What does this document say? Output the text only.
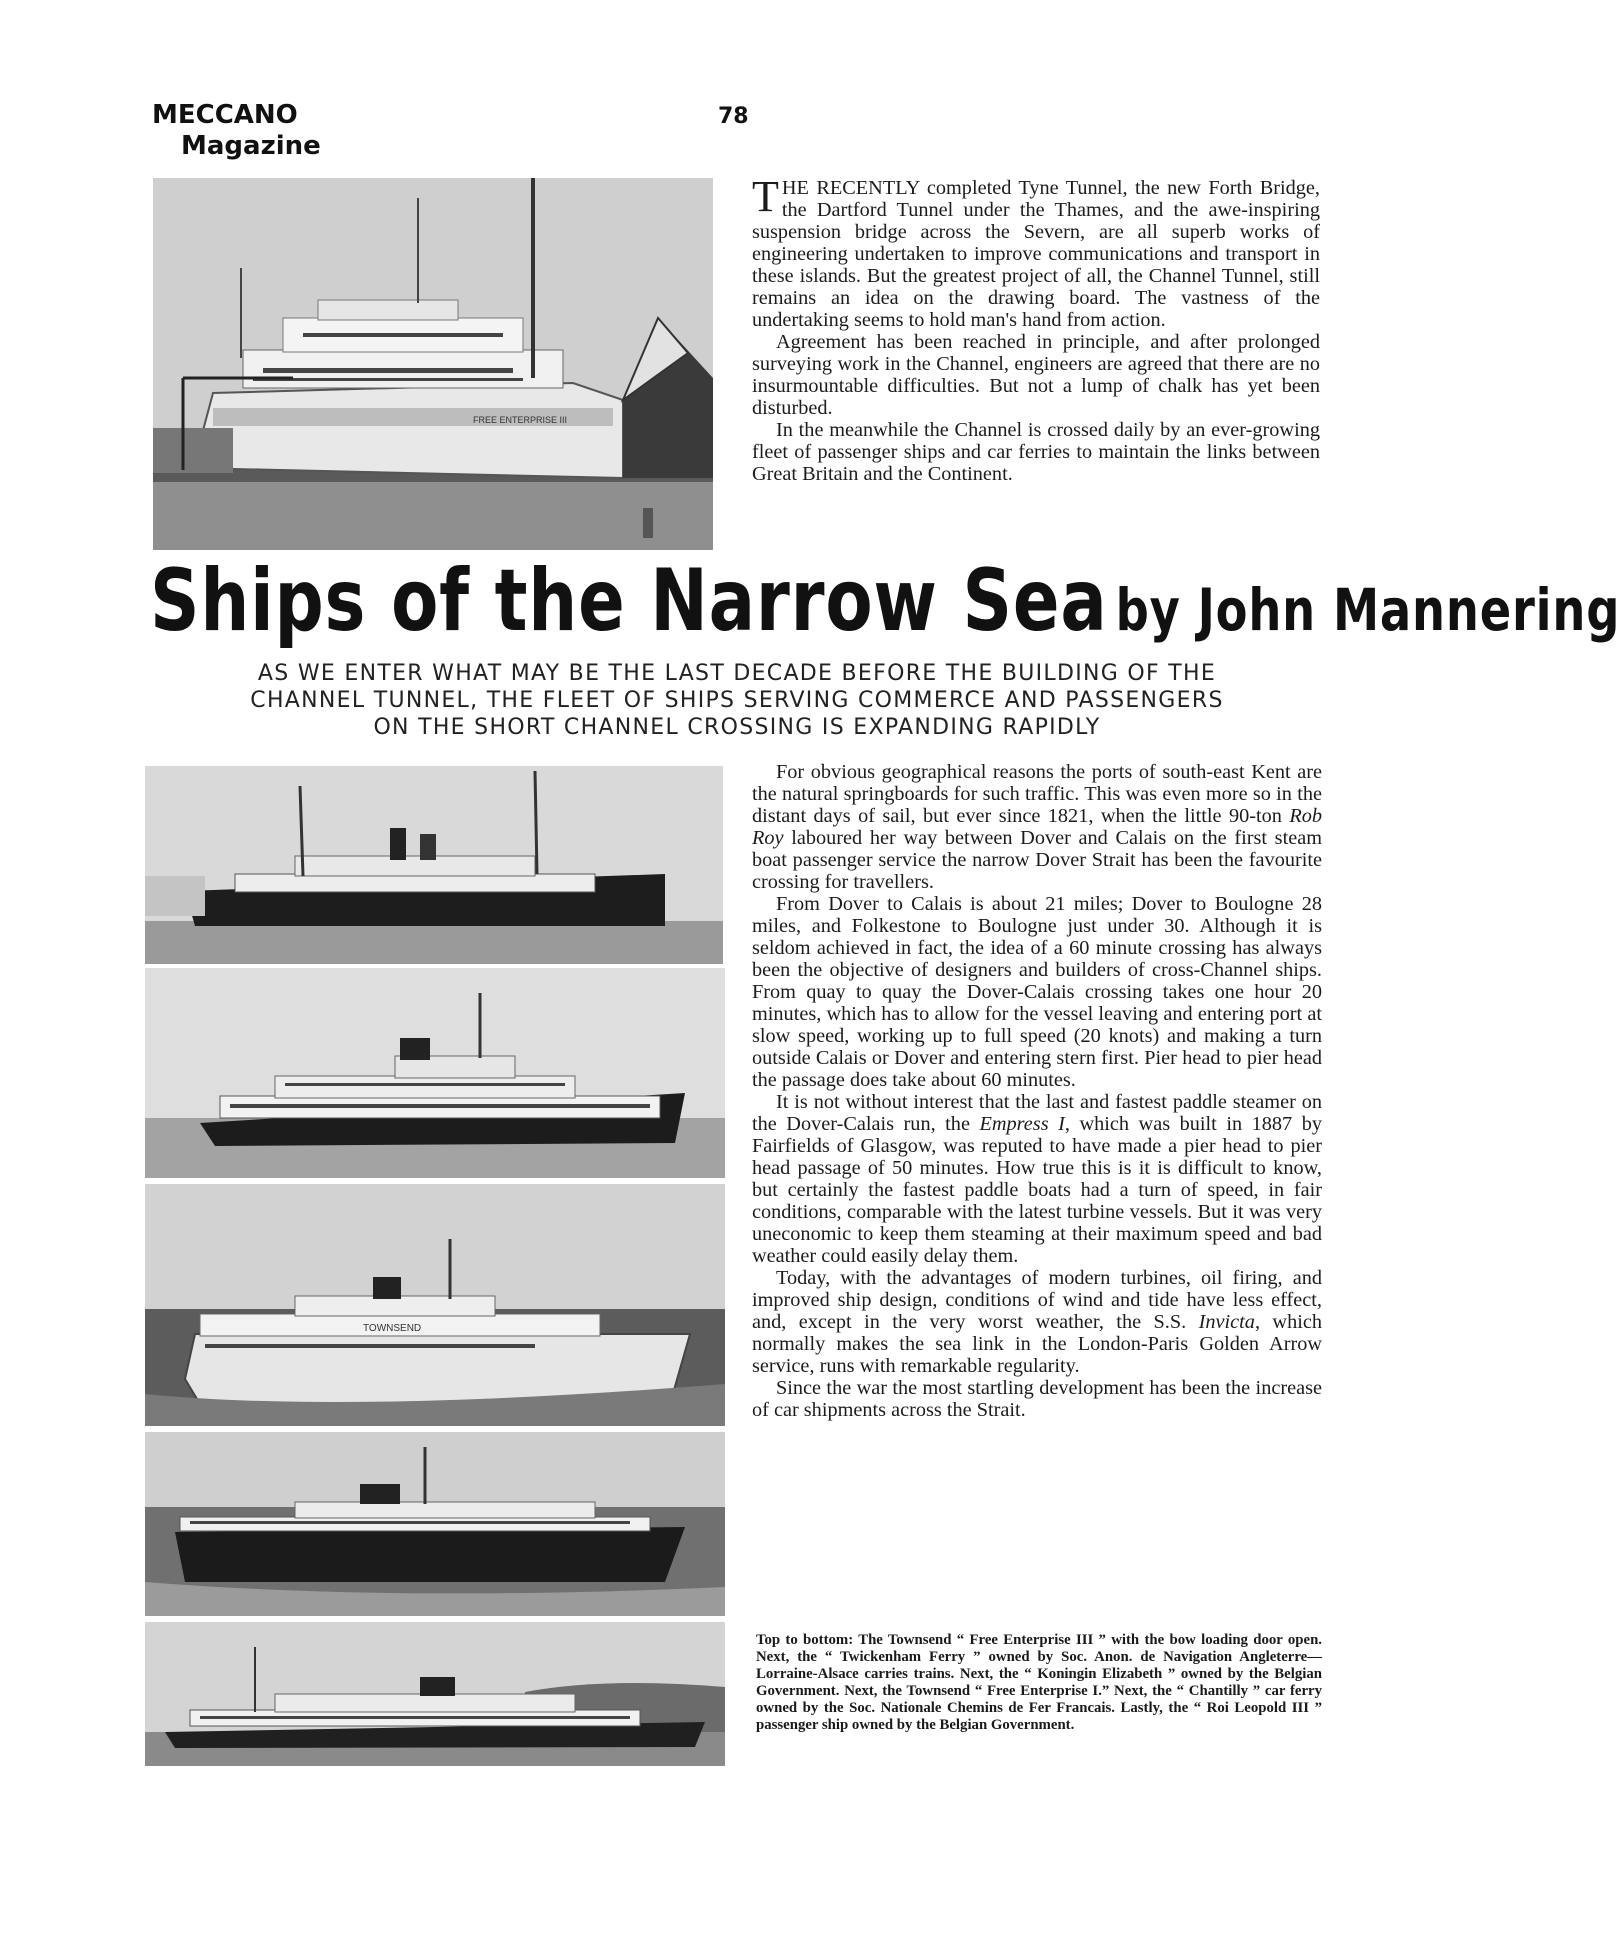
MECCANO

Magazine
78
FREE ENTERPRISE III

THE RECENTLY completed Tyne Tunnel, the new Forth Bridge, the Dartford Tunnel under the Thames, and the awe-inspiring suspension bridge across the Severn, are all superb works of engineering undertaken to improve communications and transport in these islands. But the greatest project of all, the Channel Tunnel, still remains an idea on the drawing board. The vastness of the undertaking seems to hold man's hand from action.

Agreement has been reached in principle, and after prolonged surveying work in the Channel, engineers are agreed that there are no insurmountable difficulties. But not a lump of chalk has yet been disturbed.

In the meanwhile the Channel is crossed daily by an ever-growing fleet of passenger ships and car ferries to maintain the links between Great Britain and the Continent.

Ships of the Narrow Sea by John Mannering
AS WE ENTER WHAT MAY BE THE LAST DECADE BEFORE THE BUILDING OF THE CHANNEL TUNNEL, THE FLEET OF SHIPS SERVING COMMERCE AND PASSENGERS ON THE SHORT CHANNEL CROSSING IS EXPANDING RAPIDLY
TOWNSEND

For obvious geographical reasons the ports of south-east Kent are the natural springboards for such traffic. This was even more so in the distant days of sail, but ever since 1821, when the little 90-ton Rob Roy laboured her way between Dover and Calais on the first steam boat passenger service the narrow Dover Strait has been the favourite crossing for travellers.

From Dover to Calais is about 21 miles; Dover to Boulogne 28 miles, and Folkestone to Boulogne just under 30. Although it is seldom achieved in fact, the idea of a 60 minute crossing has always been the objective of designers and builders of cross-Channel ships. From quay to quay the Dover-Calais crossing takes one hour 20 minutes, which has to allow for the vessel leaving and entering port at slow speed, working up to full speed (20 knots) and making a turn outside Calais or Dover and entering stern first. Pier head to pier head the passage does take about 60 minutes.

It is not without interest that the last and fastest paddle steamer on the Dover-Calais run, the Empress I, which was built in 1887 by Fairfields of Glasgow, was reputed to have made a pier head to pier head passage of 50 minutes. How true this is it is difficult to know, but certainly the fastest paddle boats had a turn of speed, in fair conditions, comparable with the latest turbine vessels. But it was very uneconomic to keep them steaming at their maximum speed and bad weather could easily delay them.

Today, with the advantages of modern turbines, oil firing, and improved ship design, conditions of wind and tide have less effect, and, except in the very worst weather, the S.S. Invicta, which normally makes the sea link in the London-Paris Golden Arrow service, runs with remarkable regularity.

Since the war the most startling development has been the increase of car shipments across the Strait.

Top to bottom: The Townsend “ Free Enterprise III ” with the bow loading door open. Next, the “ Twickenham Ferry ” owned by Soc. Anon. de Navigation Angleterre—Lorraine-Alsace carries trains. Next, the “ Koningin Elizabeth ” owned by the Belgian Government. Next, the Townsend “ Free Enterprise I.” Next, the “ Chantilly ” car ferry owned by the Soc. Nationale Chemins de Fer Francais. Lastly, the “ Roi Leopold III ” passenger ship owned by the Belgian Government.
